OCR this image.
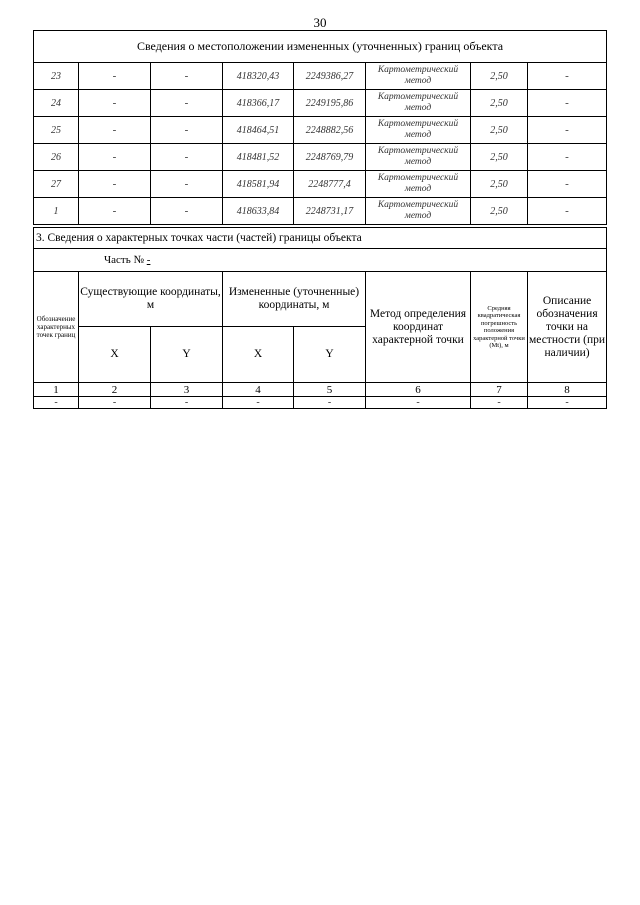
30
Сведения о местоположении измененных (уточненных) границ объекта							
23	-	-	418320,43	2249386,27	Картометрический метод	2,50	-
24	-	-	418366,17	2249195,86	Картометрический метод	2,50	-
25	-	-	418464,51	2248882,56	Картометрический метод	2,50	-
26	-	-	418481,52	2248769,79	Картометрический метод	2,50	-
27	-	-	418581,94	2248777,4	Картометрический метод	2,50	-
1	-	-	418633,84	2248731,17	Картометрический метод	2,50	-
3. Сведения о характерных точках части (частей) границы объекта							
Часть № -							
Обозначение характерных точек границ	Существующие координаты, м		Измененные (уточненные) координаты, м		Метод определения координат характерной точки	Средняя квадратическая погрешность положения характерной точки (Mt), м	Описание обозначения точки на местности (при наличии)
	X	Y	X	Y			
1	2	3	4	5	6	7	8
-	-	-	-	-	-	-	-
